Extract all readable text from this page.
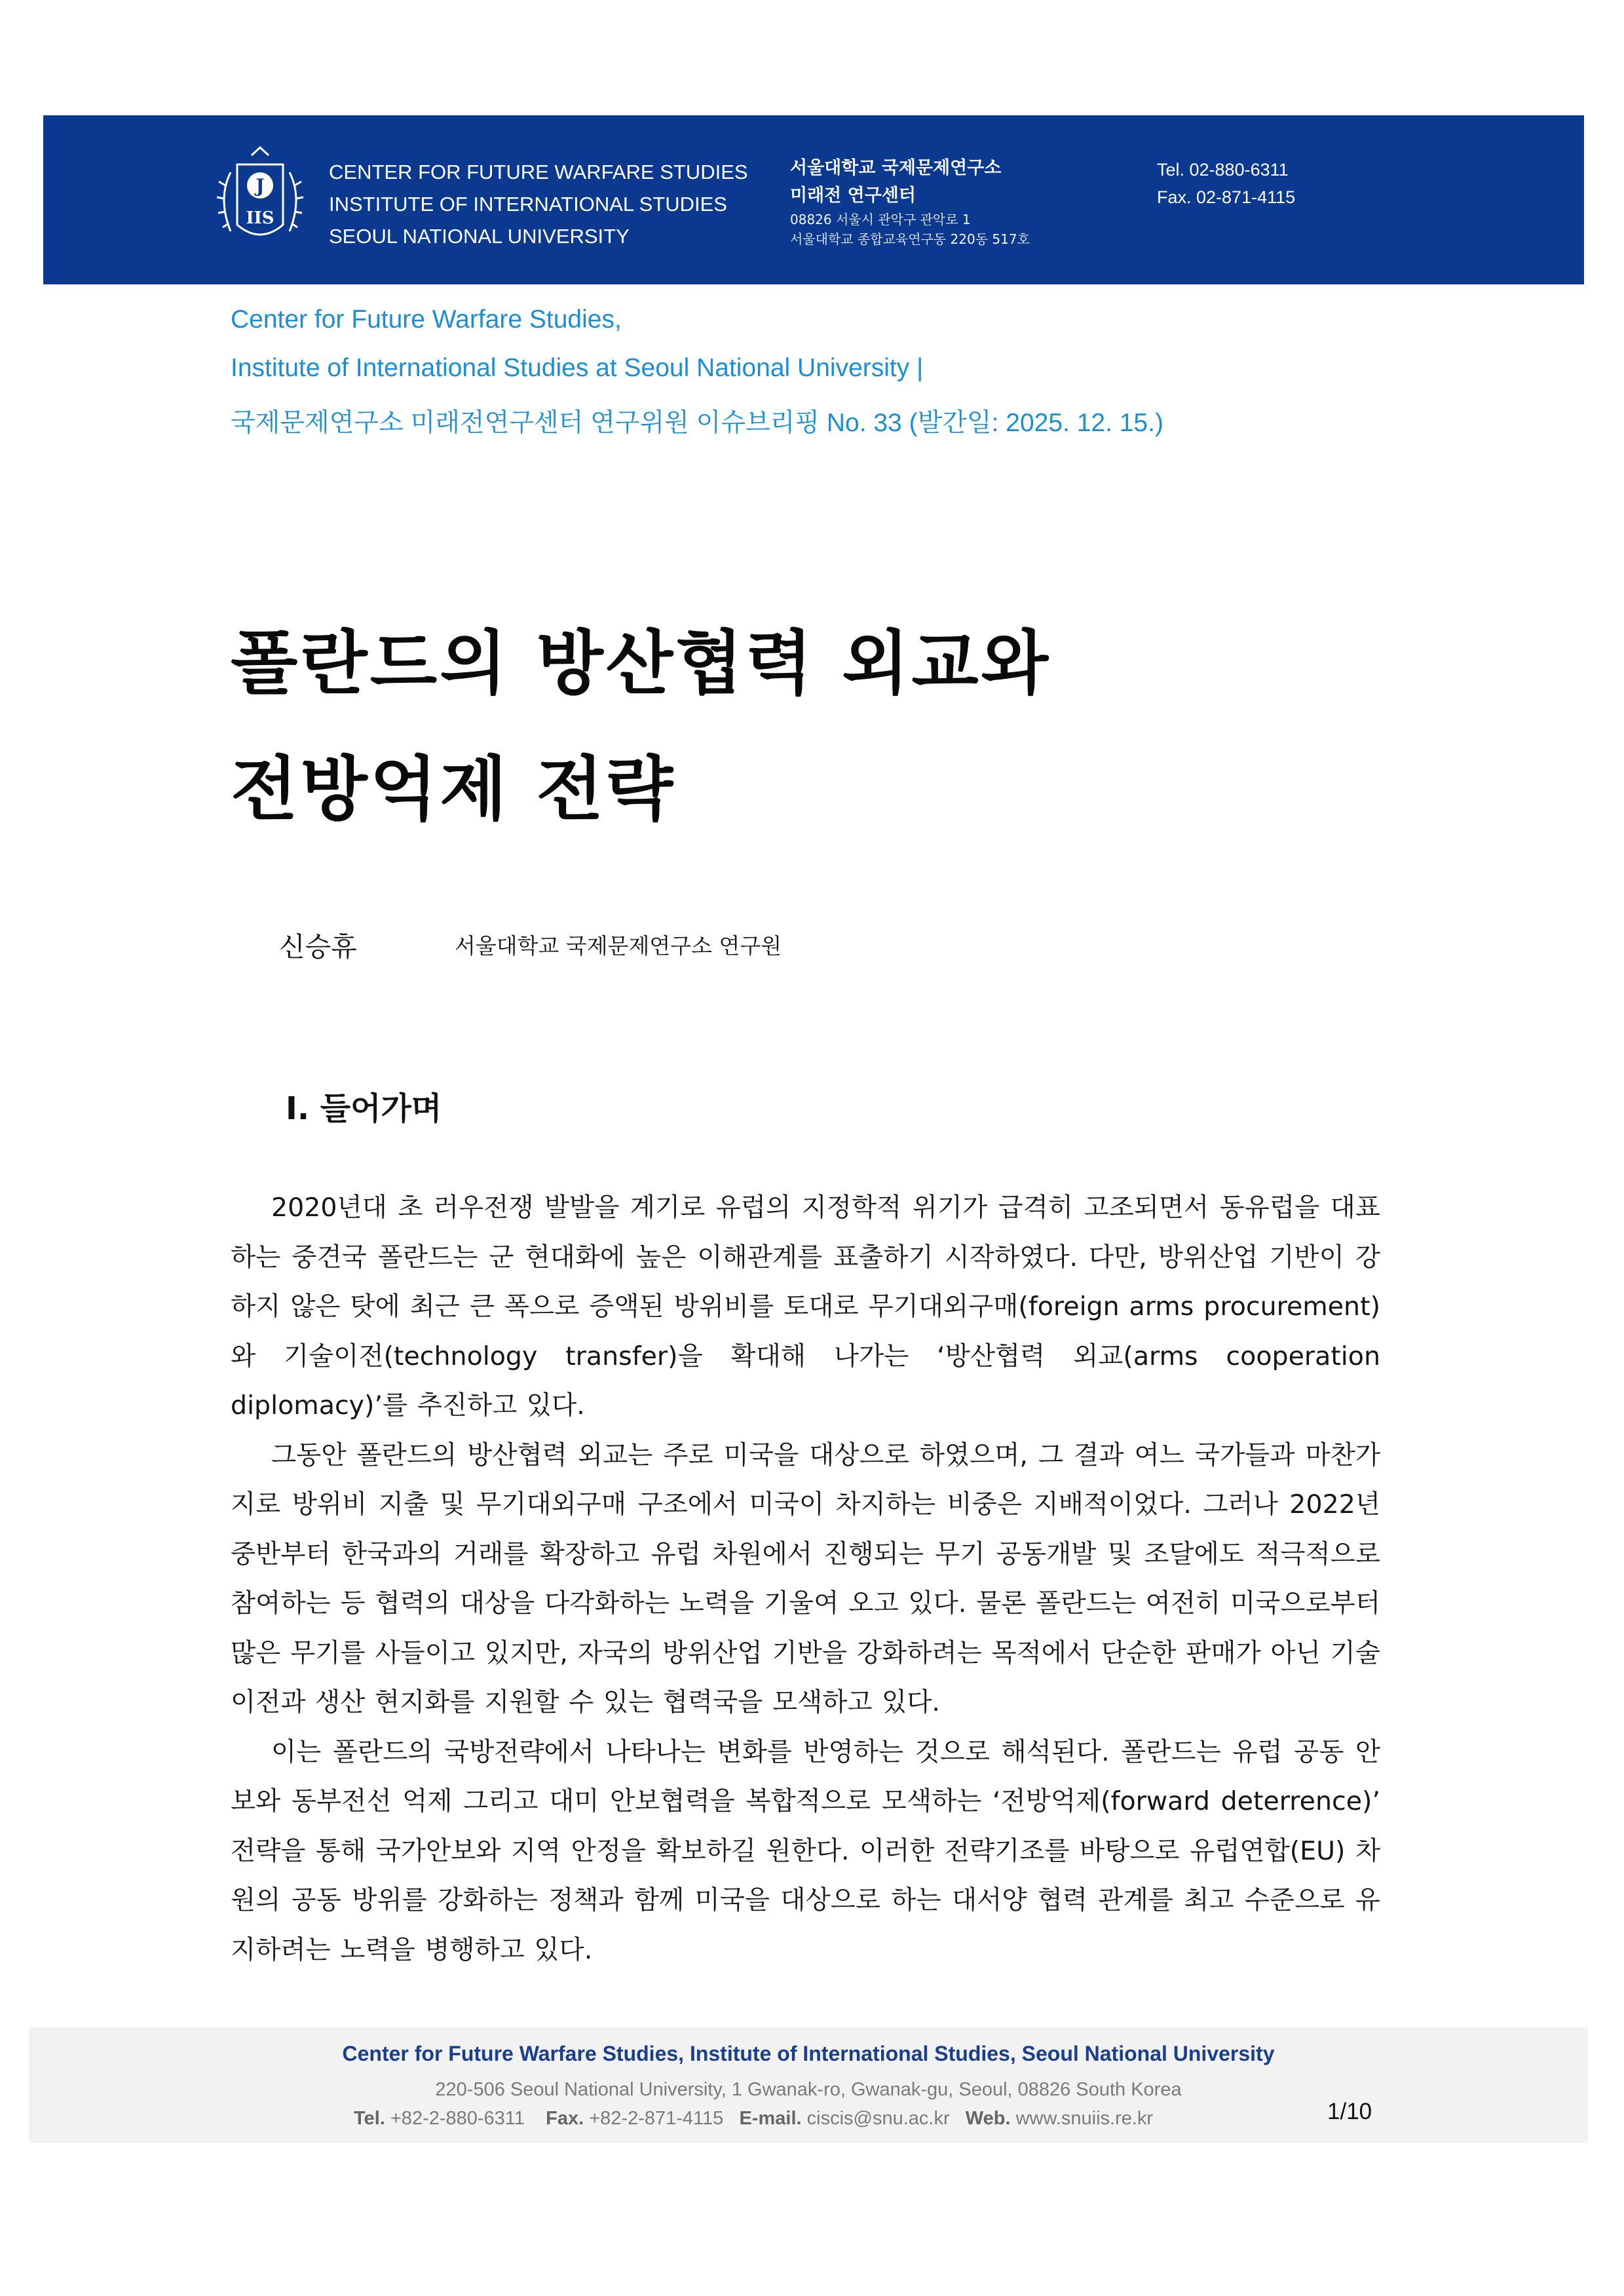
J
IIS
CENTER FOR FUTURE WARFARE STUDIES
INSTITUTE OF INTERNATIONAL STUDIES
SEOUL NATIONAL UNIVERSITY
서울대학교 국제문제연구소
미래전 연구센터
08826 서울시 관악구 관악로 1
서울대학교 종합교육연구동 220동 517호
Tel. 02-880-6311
Fax. 02-871-4115
Center for Future Warfare Studies,
Institute of International Studies at Seoul National University |
국제문제연구소 미래전연구센터 연구위원 이슈브리핑 No. 33 (발간일: 2025. 12. 15.)
폴란드의 방산협력 외교와
전방억제 전략
신승휴	서울대학교 국제문제연구소 연구원
Ⅰ. 들어가며

2020년대 초 러우전쟁 발발을 계기로 유럽의 지정학적 위기가 급격히 고조되면서 동유럽을 대표하는 중견국 폴란드는 군 현대화에 높은 이해관계를 표출하기 시작하였다. 다만, 방위산업 기반이 강하지 않은 탓에 최근 큰 폭으로 증액된 방위비를 토대로 무기대외구매(foreign arms procurement)와 기술이전(technology transfer)을 확대해 나가는 ‘방산협력 외교(arms cooperation diplomacy)’를 추진하고 있다.

그동안 폴란드의 방산협력 외교는 주로 미국을 대상으로 하였으며, 그 결과 여느 국가들과 마찬가지로 방위비 지출 및 무기대외구매 구조에서 미국이 차지하는 비중은 지배적이었다. 그러나 2022년 중반부터 한국과의 거래를 확장하고 유럽 차원에서 진행되는 무기 공동개발 및 조달에도 적극적으로 참여하는 등 협력의 대상을 다각화하는 노력을 기울여 오고 있다. 물론 폴란드는 여전히 미국으로부터 많은 무기를 사들이고 있지만, 자국의 방위산업 기반을 강화하려는 목적에서 단순한 판매가 아닌 기술이전과 생산 현지화를 지원할 수 있는 협력국을 모색하고 있다.

이는 폴란드의 국방전략에서 나타나는 변화를 반영하는 것으로 해석된다. 폴란드는 유럽 공동 안보와 동부전선 억제 그리고 대미 안보협력을 복합적으로 모색하는 ‘전방억제(forward deterrence)’ 전략을 통해 국가안보와 지역 안정을 확보하길 원한다. 이러한 전략기조를 바탕으로 유럽연합(EU) 차원의 공동 방위를 강화하는 정책과 함께 미국을 대상으로 하는 대서양 협력 관계를 최고 수준으로 유지하려는 노력을 병행하고 있다.

Center for Future Warfare Studies, Institute of International Studies, Seoul National University
220-506 Seoul National University, 1 Gwanak-ro, Gwanak-gu, Seoul, 08826 South Korea
Tel. +82-2-880-6311 Fax. +82-2-871-4115 E-mail. ciscis@snu.ac.kr Web. www.snuiis.re.kr	1/10
